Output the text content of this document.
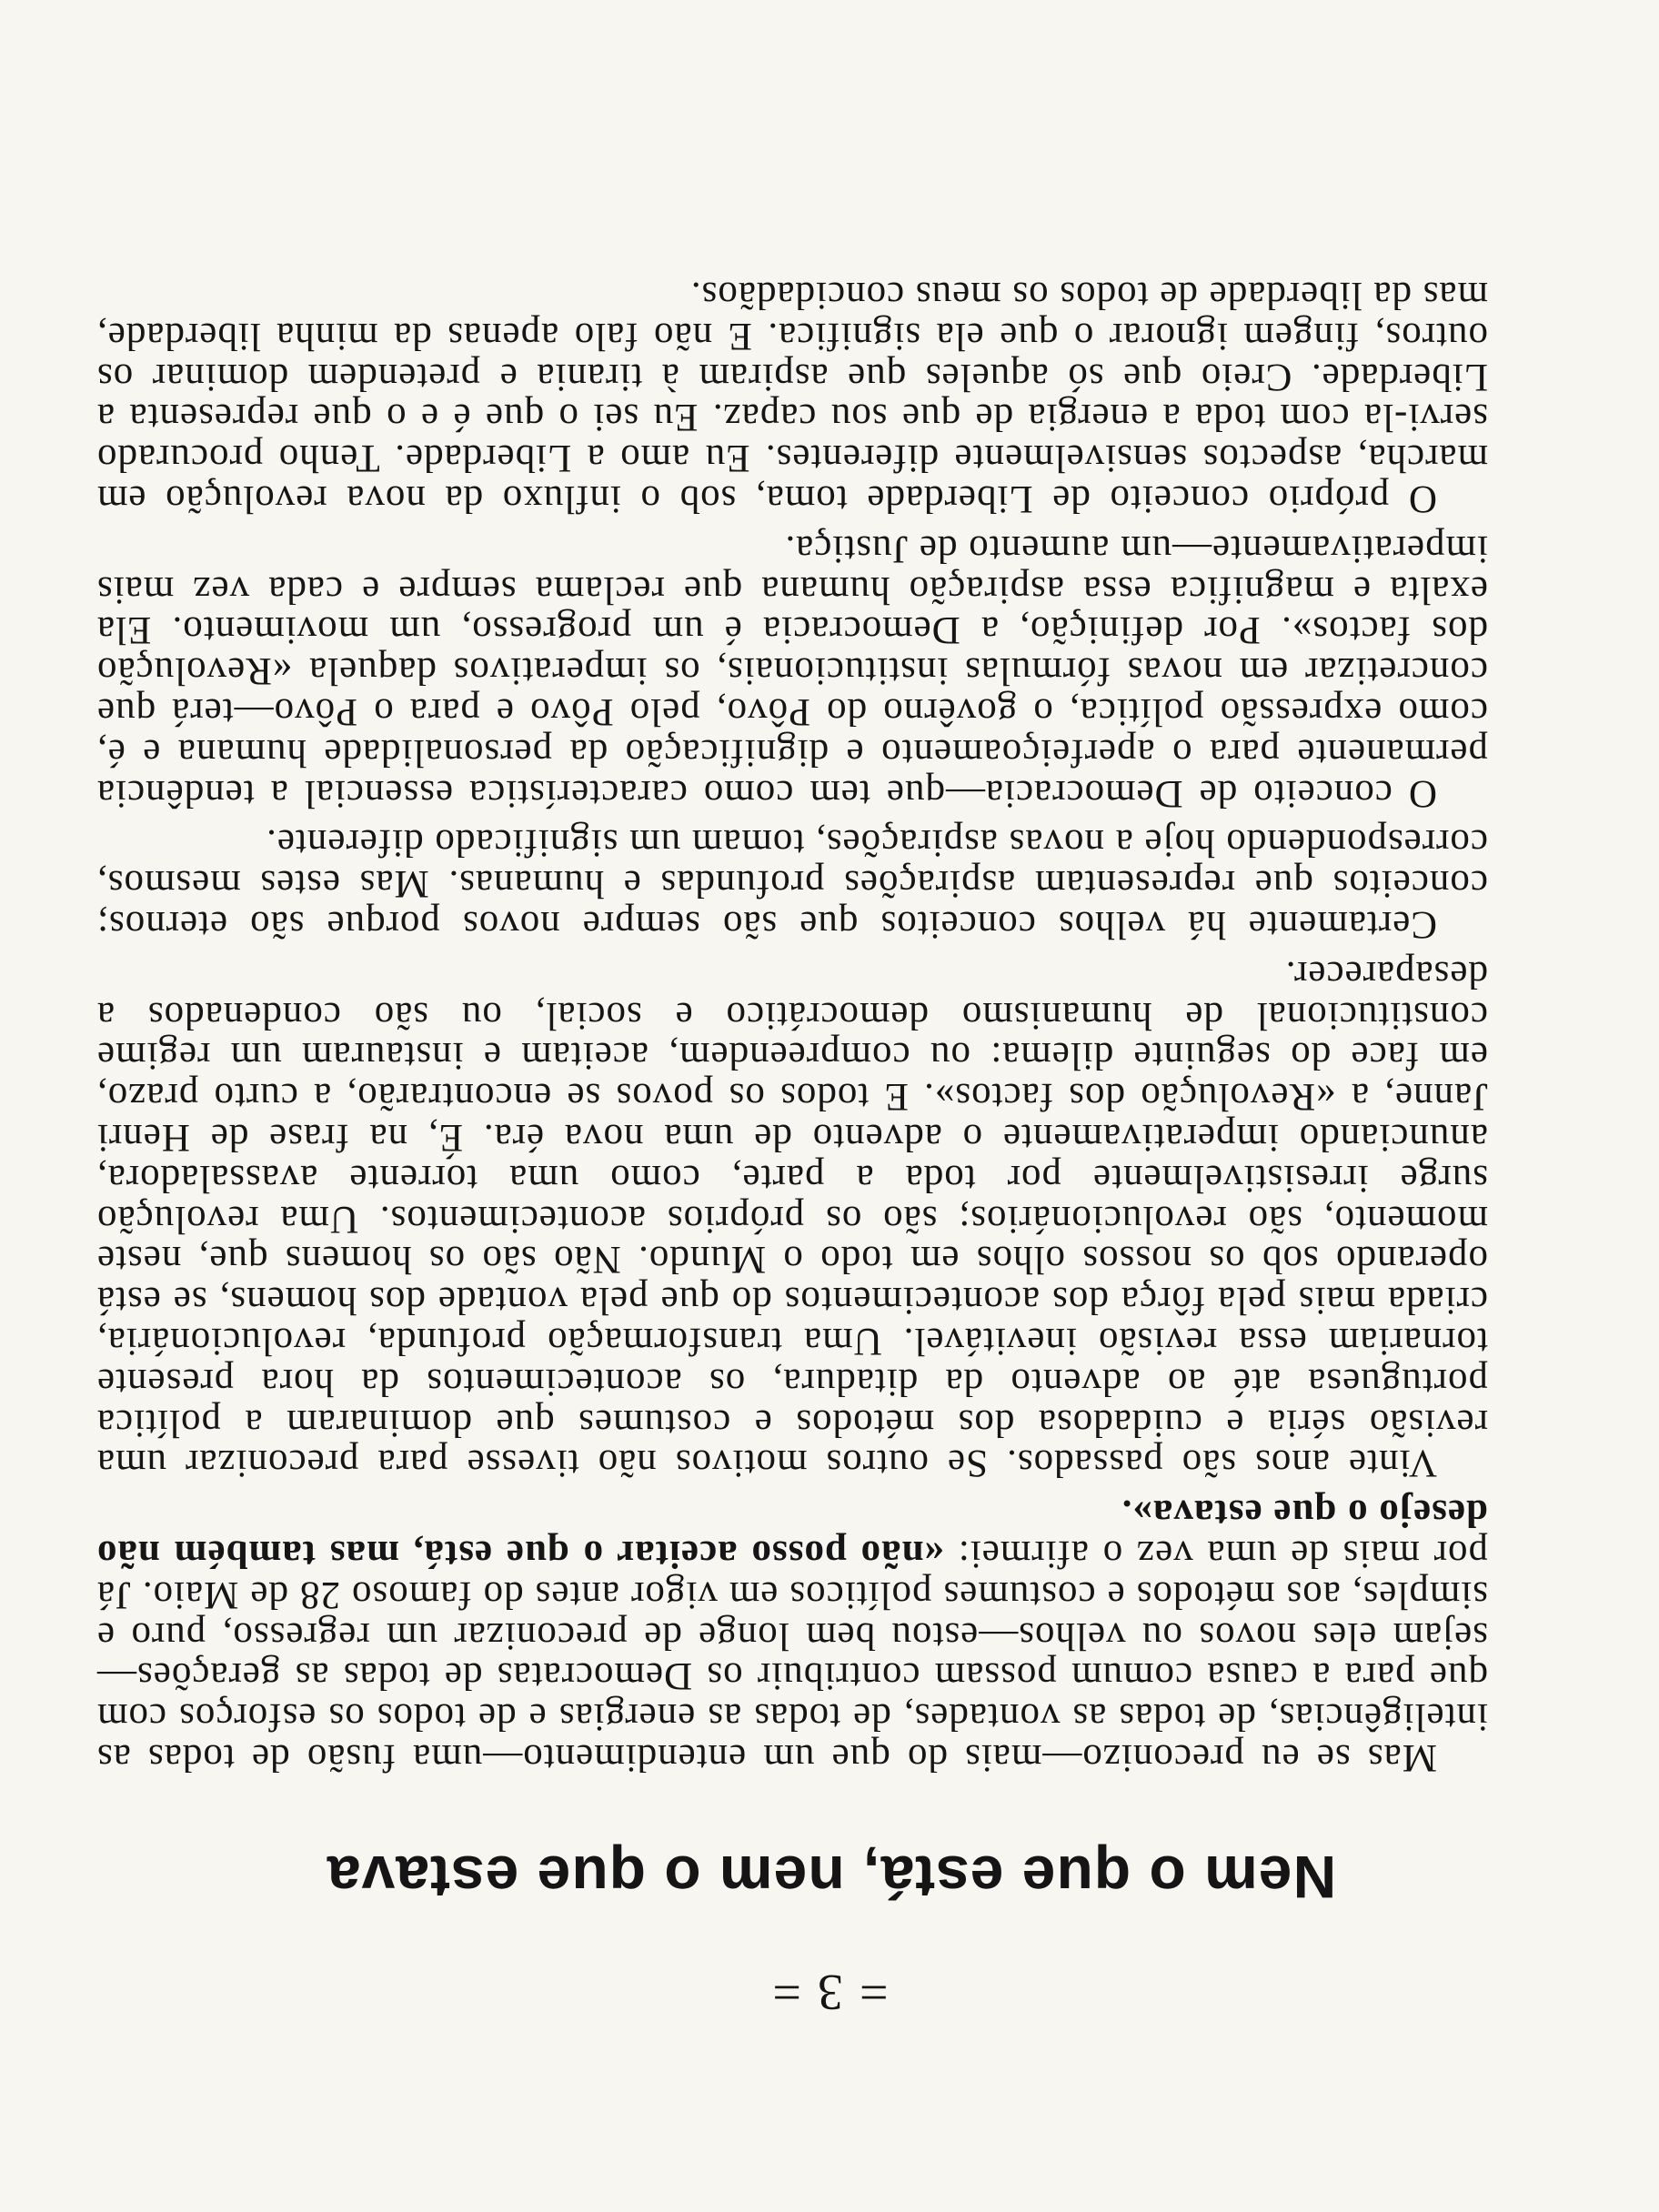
= 3 =
Nem o que está, nem o que estava

Mas se eu preconizo—mais do que um entendimento—uma fusão de todas as inteligências, de todas as vontades, de todas as energias e de todos os esforços com que para a causa comum possam contribuir os Democratas de todas as gerações—sejam eles novos ou velhos—estou bem longe de preconizar um regresso, puro e simples, aos métodos e costumes políticos em vigor antes do famoso 28 de Maio. Já por mais de uma vez o afirmei: «não posso aceitar o que está, mas também não desejo o que estava».

Vinte anos são passados. Se outros motivos não tivesse para preconizar uma revisão séria e cuidadosa dos métodos e costumes que dominaram a política portuguesa até ao advento da ditadura, os acontecimentos da hora presente tornariam essa revisão inevitável. Uma transformação profunda, revolucionária, criada mais pela fôrça dos acontecimentos do que pela vontade dos homens, se está operando sob os nossos olhos em todo o Mundo. Não são os homens que, neste momento, são revolucionários; são os próprios acontecimentos. Uma revolução surge irresistivelmente por toda a parte, como uma torrente avassaladora, anunciando imperativamente o advento de uma nova éra. É, na frase de Henri Janne, a «Revolução dos factos». E todos os povos se encontrarão, a curto prazo, em face do seguinte dilema: ou compreendem, aceitam e instauram um regime constitucional de humanismo democrático e social, ou são condenados a desaparecer.

Certamente há velhos conceitos que são sempre novos porque são eternos; conceitos que representam aspirações profundas e humanas. Mas estes mesmos, correspondendo hoje a novas aspirações, tomam um significado diferente.

O conceito de Democracia—que tem como característica essencial a tendência permanente para o aperfeiçoamento e dignificação da personalidade humana e é, como expressão política, o govêrno do Pôvo, pelo Pôvo e para o Pôvo—terá que concretizar em novas fórmulas institucionais, os imperativos daquela «Revolução dos factos». Por definição, a Democracia é um progresso, um movimento. Ela exalta e magnifica essa aspiração humana que reclama sempre e cada vez mais imperativamente—um aumento de Justiça.

O próprio conceito de Liberdade toma, sob o influxo da nova revolução em marcha, aspectos sensivelmente diferentes. Eu amo a Liberdade. Tenho procurado servi-la com toda a energia de que sou capaz. Eu sei o que é e o que representa a Liberdade. Creio que só aqueles que aspiram à tirania e pretendem dominar os outros, fingem ignorar o que ela significa. E não falo apenas da minha liberdade, mas da liberdade de todos os meus concidadãos.
